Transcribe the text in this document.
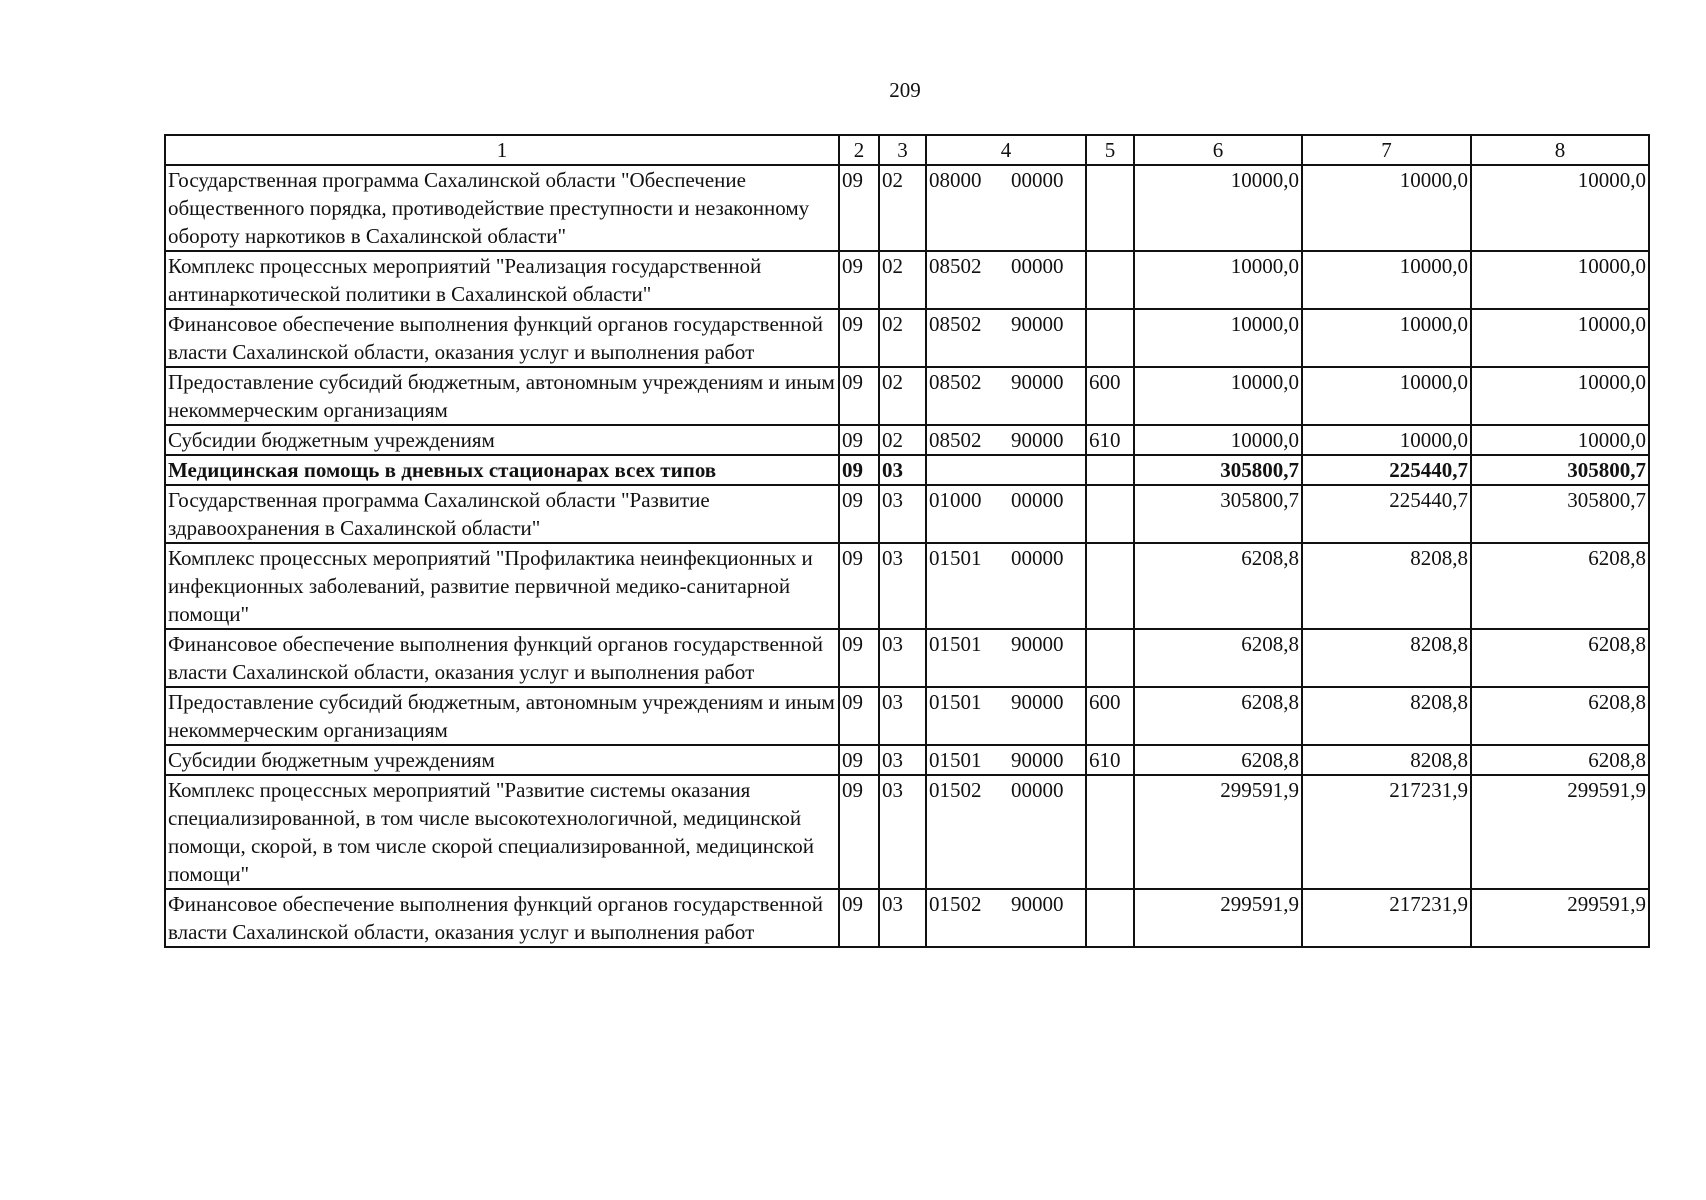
209
1	2	3	4	5	6	7	8
Государственная программа Сахалинской области "Обеспечение общественного порядка, противодействие преступности и незаконному обороту наркотиков в Сахалинской области"	09	02	08000 00000		10000,0	10000,0	10000,0
Комплекс процессных мероприятий "Реализация государственной антинаркотической политики в Сахалинской области"	09	02	08502 00000		10000,0	10000,0	10000,0
Финансовое обеспечение выполнения функций органов государственной власти Сахалинской области, оказания услуг и выполнения работ	09	02	08502 90000		10000,0	10000,0	10000,0
Предоставление субсидий бюджетным, автономным учреждениям и иным некоммерческим организациям	09	02	08502 90000	600	10000,0	10000,0	10000,0
Субсидии бюджетным учреждениям	09	02	08502 90000	610	10000,0	10000,0	10000,0
Медицинская помощь в дневных стационарах всех типов	09	03			305800,7	225440,7	305800,7
Государственная программа Сахалинской области "Развитие здравоохранения в Сахалинской области"	09	03	01000 00000		305800,7	225440,7	305800,7
Комплекс процессных мероприятий "Профилактика неинфекционных и инфекционных заболеваний, развитие первичной медико-санитарной помощи"	09	03	01501 00000		6208,8	8208,8	6208,8
Финансовое обеспечение выполнения функций органов государственной власти Сахалинской области, оказания услуг и выполнения работ	09	03	01501 90000		6208,8	8208,8	6208,8
Предоставление субсидий бюджетным, автономным учреждениям и иным некоммерческим организациям	09	03	01501 90000	600	6208,8	8208,8	6208,8
Субсидии бюджетным учреждениям	09	03	01501 90000	610	6208,8	8208,8	6208,8
Комплекс процессных мероприятий "Развитие системы оказания специализированной, в том числе высокотехнологичной, медицинской помощи, скорой, в том числе скорой специализированной, медицинской помощи"	09	03	01502 00000		299591,9	217231,9	299591,9
Финансовое обеспечение выполнения функций органов государственной власти Сахалинской области, оказания услуг и выполнения работ	09	03	01502 90000		299591,9	217231,9	299591,9
